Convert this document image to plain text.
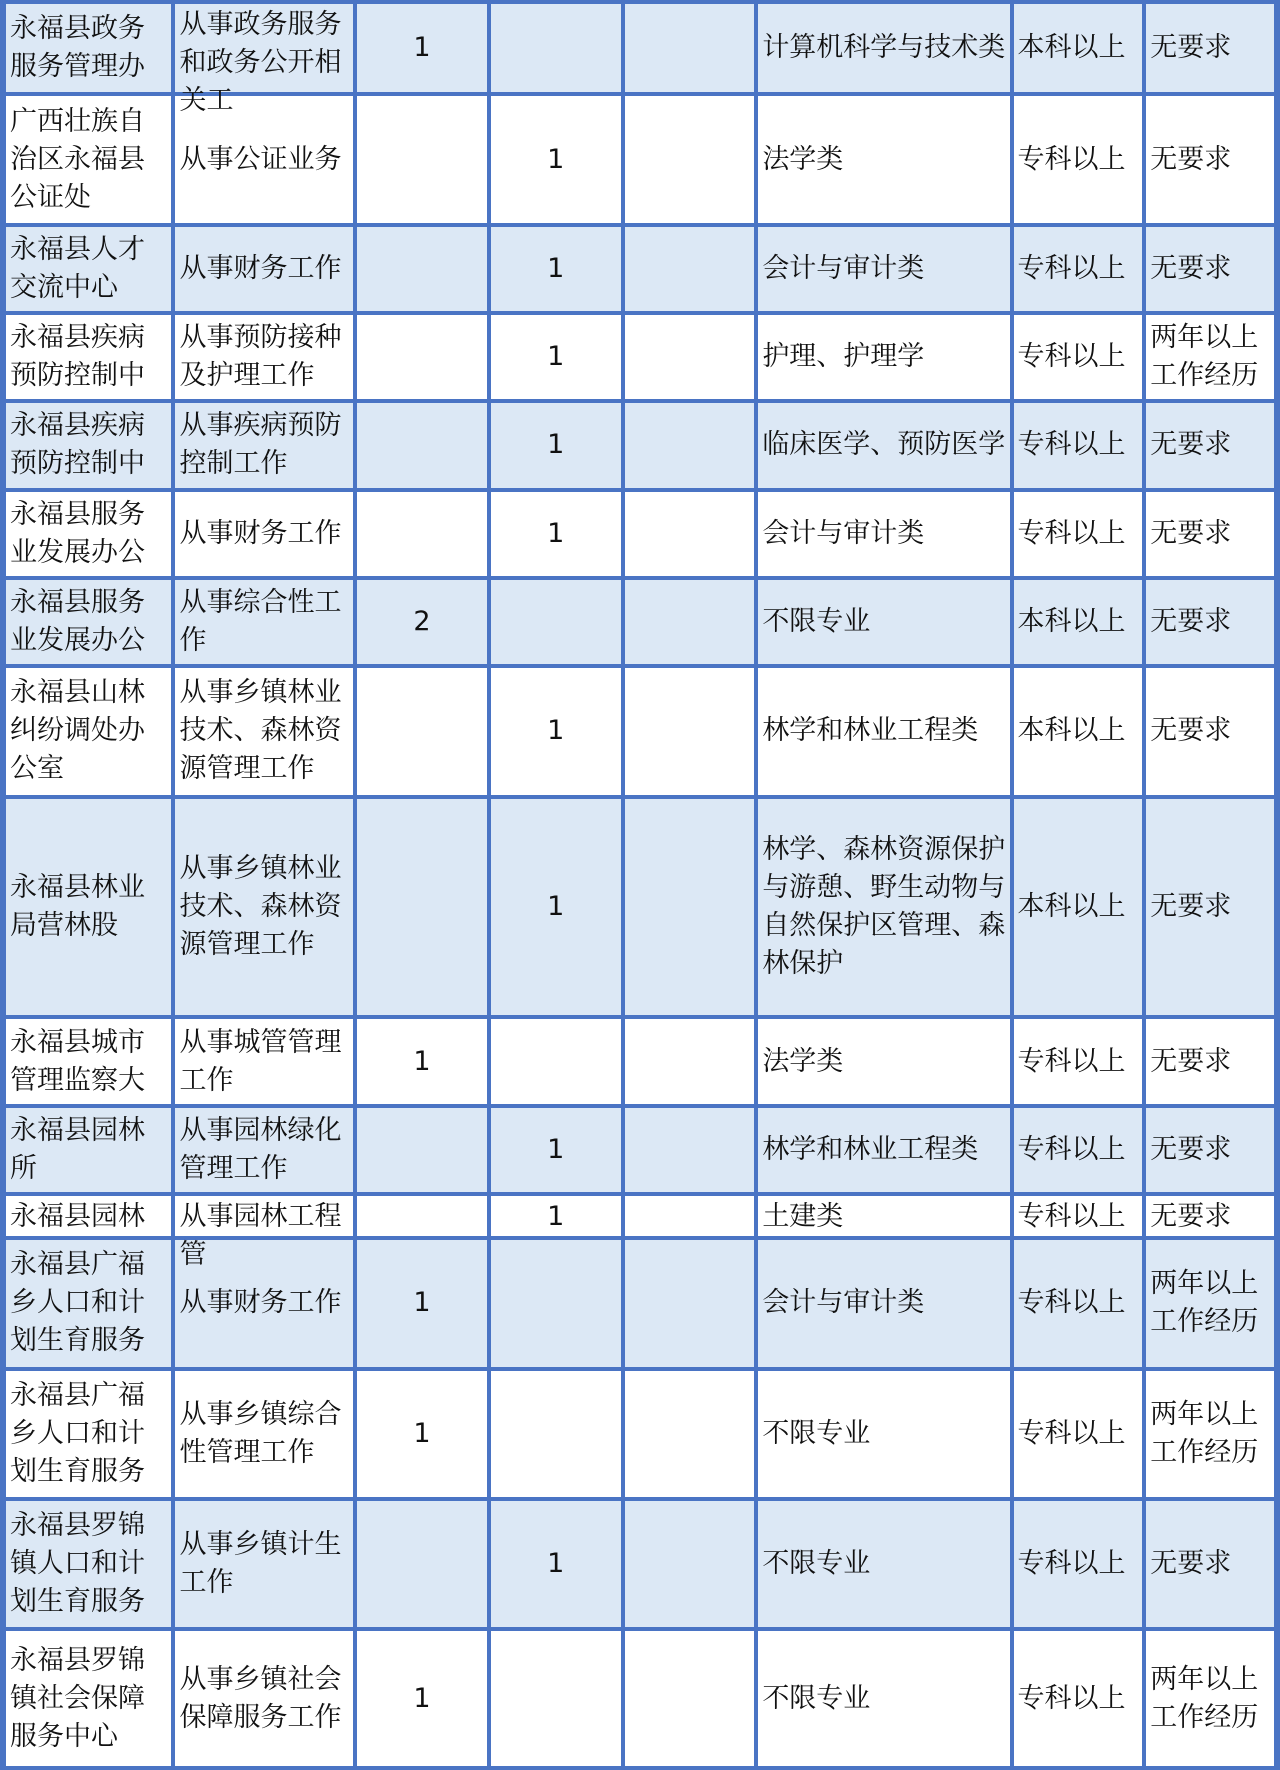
永福县政务服务管理办	从事政务服务和政务公开相关工	1			计算机科学与技术类	本科以上	无要求

广西壮族自治区永福县公证处	从事公证业务		1		法学类	专科以上	无要求

永福县人才交流中心	从事财务工作		1		会计与审计类	专科以上	无要求

永福县疾病预防控制中	从事预防接种及护理工作		1		护理、护理学	专科以上	两年以上工作经历

永福县疾病预防控制中	从事疾病预防控制工作		1		临床医学、预防医学	专科以上	无要求

永福县服务业发展办公	从事财务工作		1		会计与审计类	专科以上	无要求

永福县服务业发展办公	从事综合性工作	2			不限专业	本科以上	无要求

永福县山林纠纷调处办公室	从事乡镇林业技术、森林资源管理工作		1		林学和林业工程类	本科以上	无要求

永福县林业局营林股	从事乡镇林业技术、森林资源管理工作		1		林学、森林资源保护与游憩、野生动物与自然保护区管理、森林保护	本科以上	无要求

永福县城市管理监察大	从事城管管理工作	1			法学类	专科以上	无要求

永福县园林所	从事园林绿化管理工作		1		林学和林业工程类	专科以上	无要求

永福县园林	从事园林工程管		1		土建类	专科以上	无要求

永福县广福乡人口和计划生育服务	从事财务工作	1			会计与审计类	专科以上	两年以上工作经历

永福县广福乡人口和计划生育服务	从事乡镇综合性管理工作	1			不限专业	专科以上	两年以上工作经历

永福县罗锦镇人口和计划生育服务	从事乡镇计生工作		1		不限专业	专科以上	无要求

永福县罗锦镇社会保障服务中心	从事乡镇社会保障服务工作	1			不限专业	专科以上	两年以上工作经历
